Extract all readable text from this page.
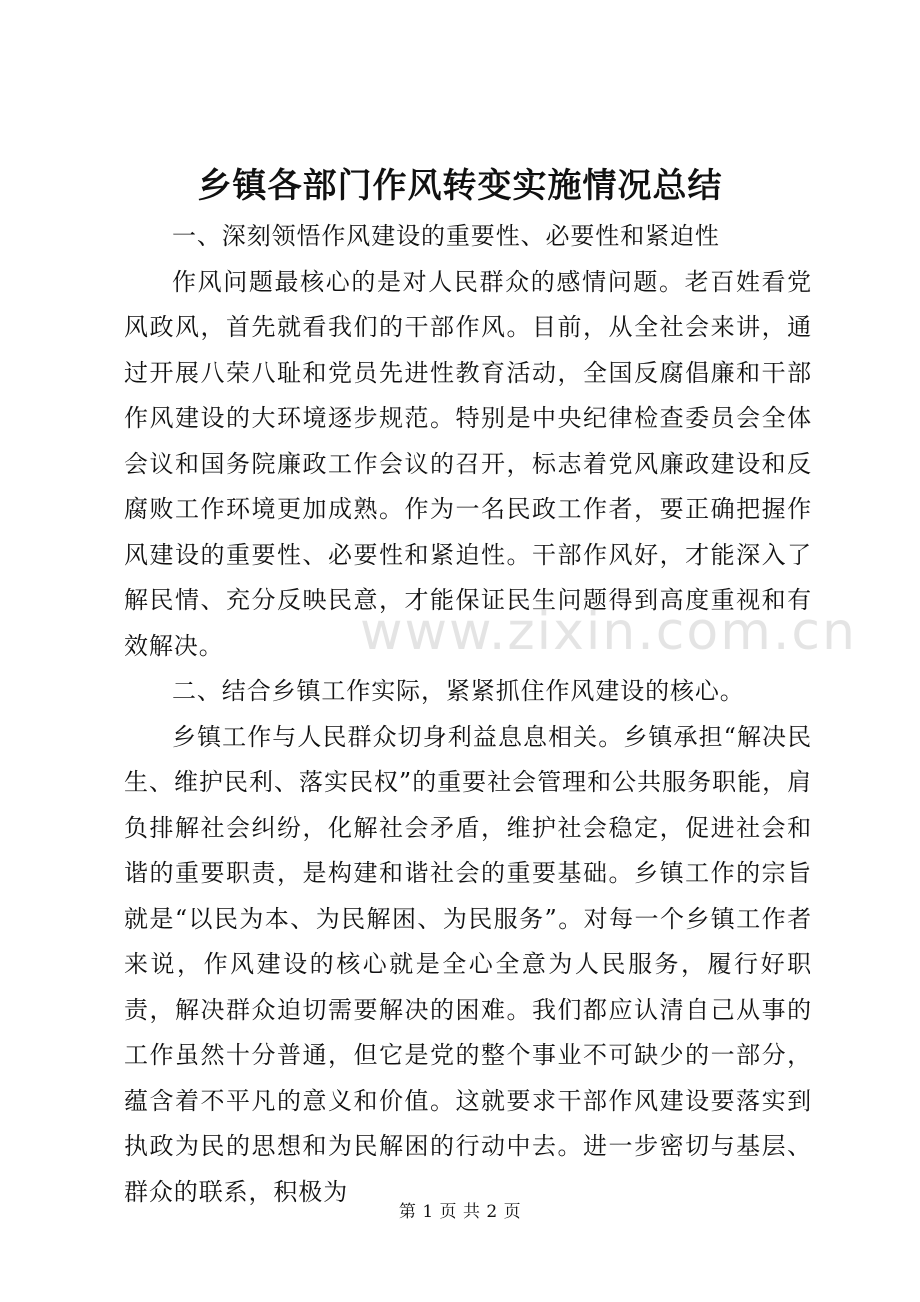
乡镇各部门作风转变实施情况总结

一、深刻领悟作风建设的重要性、必要性和紧迫性

作风问题最核心的是对人民群众的感情问题。老百姓看党风政风，首先就看我们的干部作风。目前，从全社会来讲，通过开展八荣八耻和党员先进性教育活动，全国反腐倡廉和干部作风建设的大环境逐步规范。特别是中央纪律检查委员会全体会议和国务院廉政工作会议的召开，标志着党风廉政建设和反腐败工作环境更加成熟。作为一名民政工作者，要正确把握作风建设的重要性、必要性和紧迫性。干部作风好，才能深入了解民情、充分反映民意，才能保证民生问题得到高度重视和有效解决。

二、结合乡镇工作实际，紧紧抓住作风建设的核心。

乡镇工作与人民群众切身利益息息相关。乡镇承担“解决民生、维护民利、落实民权”的重要社会管理和公共服务职能，肩负排解社会纠纷，化解社会矛盾，维护社会稳定，促进社会和谐的重要职责，是构建和谐社会的重要基础。乡镇工作的宗旨就是“以民为本、为民解困、为民服务”。对每一个乡镇工作者来说，作风建设的核心就是全心全意为人民服务，履行好职责，解决群众迫切需要解决的困难。我们都应认清自己从事的工作虽然十分普通，但它是党的整个事业不可缺少的一部分，蕴含着不平凡的意义和价值。这就要求干部作风建设要落实到执政为民的思想和为民解困的行动中去。进一步密切与基层、群众的联系，积极为

www.zixin.com.cn
第 1 页 共 2 页
